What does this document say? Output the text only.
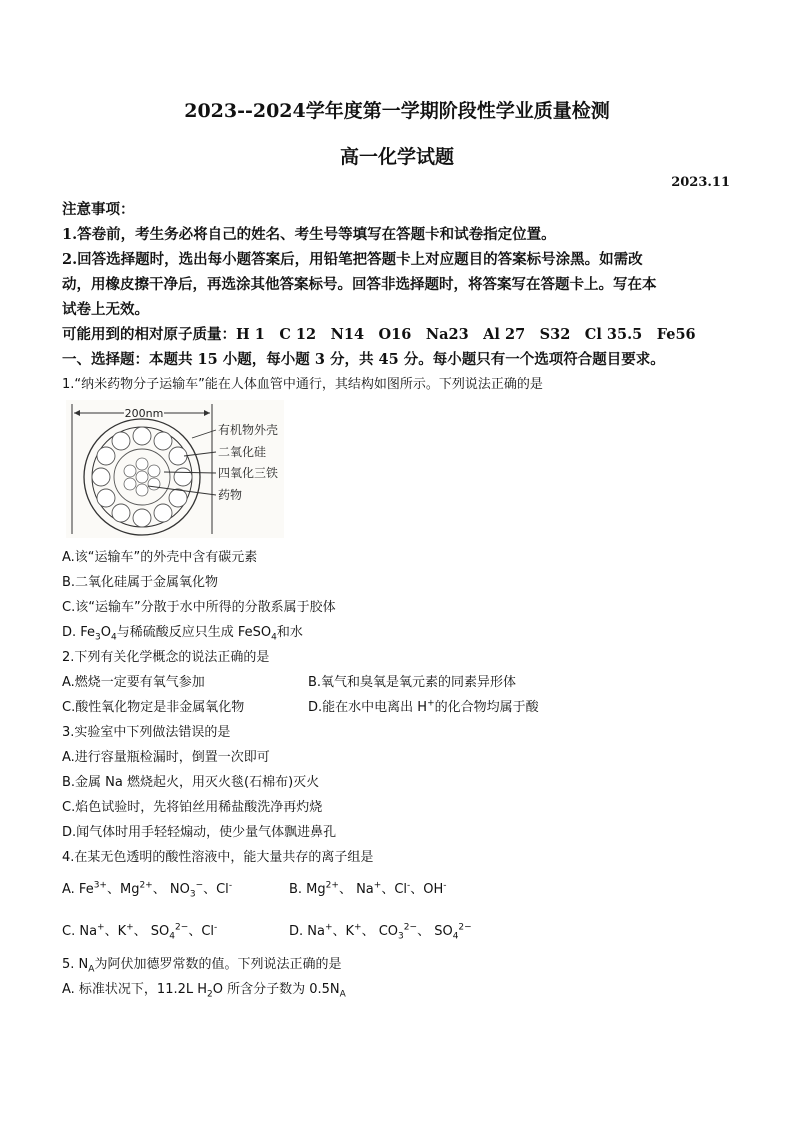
2023--2024学年度第一学期阶段性学业质量检测
高一化学试题
2023.11
注意事项：
1.答卷前，考生务必将自己的姓名、考生号等填写在答题卡和试卷指定位置。
2.回答选择题时，选出每小题答案后，用铅笔把答题卡上对应题目的答案标号涂黑。如需改
动，用橡皮擦干净后，再选涂其他答案标号。回答非选择题时，将答案写在答题卡上。写在本
试卷上无效。
可能用到的相对原子质量：H 1　C 12　N14　O16　Na23　Al 27　S32　Cl 35.5　Fe56
一、选择题：本题共 15 小题，每小题 3 分，共 45 分。每小题只有一个选项符合题目要求。
1.“纳米药物分子运输车”能在人体血管中通行，其结构如图所示。下列说法正确的是
200nm
有机物外壳
二氧化硅
四氧化三铁
药物
A.该“运输车”的外壳中含有碳元素
B.二氧化硅属于金属氧化物
C.该“运输车”分散于水中所得的分散系属于胶体
D. $Fe_3O_4$与稀硫酸反应只生成 FeSO$_4$和水
2.下列有关化学概念的说法正确的是
A.燃烧一定要有氧气参加	B.氧气和臭氧是氧元素的同素异形体
C.酸性氧化物定是非金属氧化物	D.能在水中电离出 H+的化合物均属于酸
3.实验室中下列做法错误的是
A.进行容量瓶检漏时，倒置一次即可
B.金属 Na 燃烧起火，用灭火毯(石棉布)灭火
C.焰色试验时，先将铂丝用稀盐酸洗净再灼烧
D.闻气体时用手轻轻煽动，使少量气体飘进鼻孔
4.在某无色透明的酸性溶液中，能大量共存的离子组是
A. $Fe^{3+}$、$Mg^{2+}$、 $NO_3^-$、Cl-	B. $Mg^{2+}$、 Na+、Cl-、OH-
C. Na+、K+、 $SO_4^{2-}$、Cl-	D. Na+、K+、 $CO_3^{2-}$、 $SO_4^{2-}$
5. $N_A$为阿伏加德罗常数的值。下列说法正确的是
A. 标准状况下，11.2L $H_2O$ 所含分子数为 $0.5N_A$
